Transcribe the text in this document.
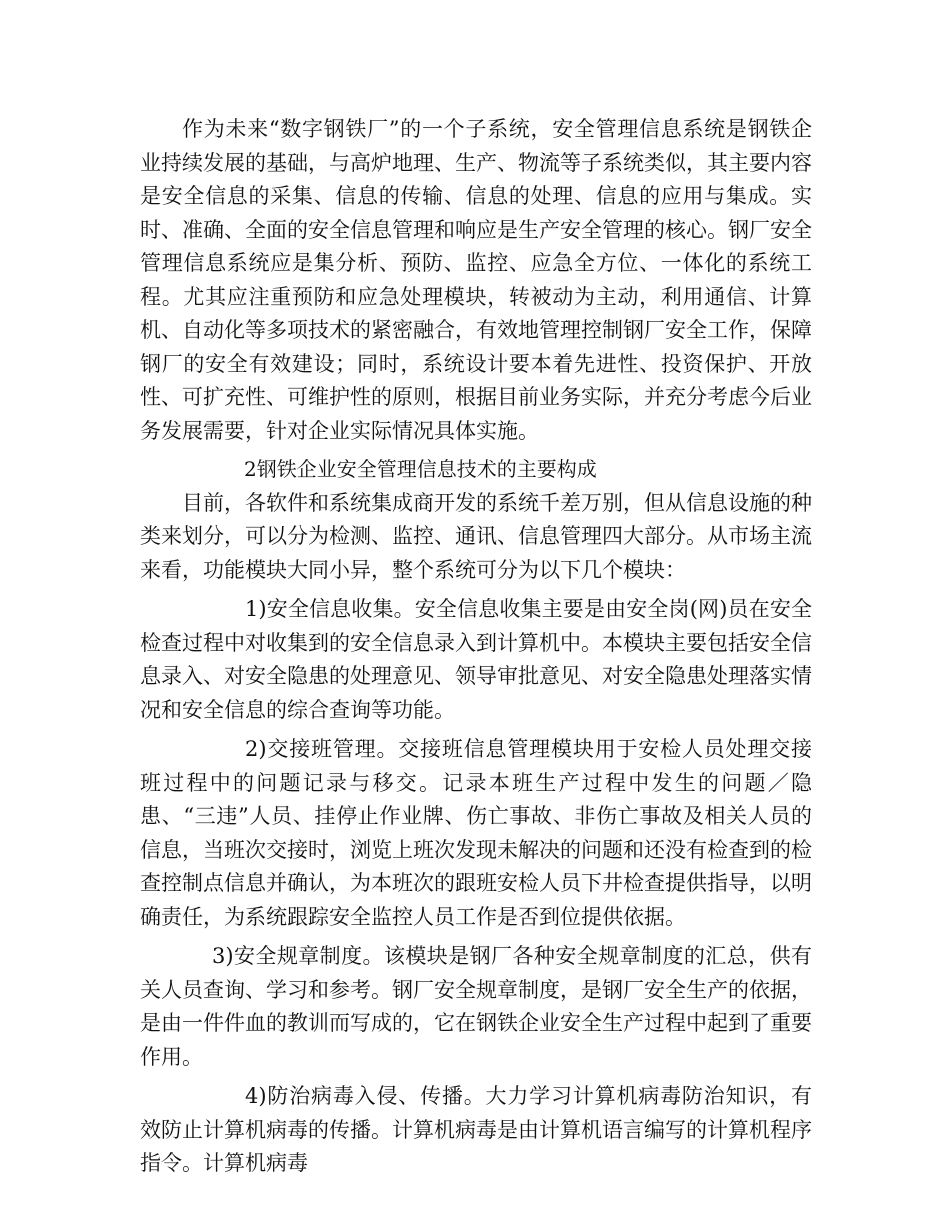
作为未来“数字钢铁厂”的一个子系统，安全管理信息系统是钢铁企业持续发展的基础，与高炉地理、生产、物流等子系统类似，其主要内容是安全信息的采集、信息的传输、信息的处理、信息的应用与集成。实时、准确、全面的安全信息管理和响应是生产安全管理的核心。钢厂安全管理信息系统应是集分析、预防、监控、应急全方位、一体化的系统工程。尤其应注重预防和应急处理模块，转被动为主动，利用通信、计算机、自动化等多项技术的紧密融合，有效地管理控制钢厂安全工作，保障钢厂的安全有效建设；同时，系统设计要本着先进性、投资保护、开放性、可扩充性、可维护性的原则，根据目前业务实际，并充分考虑今后业务发展需要，针对企业实际情况具体实施。

2钢铁企业安全管理信息技术的主要构成

目前，各软件和系统集成商开发的系统千差万别，但从信息设施的种类来划分，可以分为检测、监控、通讯、信息管理四大部分。从市场主流来看，功能模块大同小异，整个系统可分为以下几个模块：

1)安全信息收集。安全信息收集主要是由安全岗(网)员在安全检查过程中对收集到的安全信息录入到计算机中。本模块主要包括安全信息录入、对安全隐患的处理意见、领导审批意见、对安全隐患处理落实情况和安全信息的综合查询等功能。

2)交接班管理。交接班信息管理模块用于安检人员处理交接班过程中的问题记录与移交。记录本班生产过程中发生的问题／隐患、“三违”人员、挂停止作业牌、伤亡事故、非伤亡事故及相关人员的信息，当班次交接时，浏览上班次发现未解决的问题和还没有检查到的检查控制点信息并确认，为本班次的跟班安检人员下井检查提供指导，以明确责任，为系统跟踪安全监控人员工作是否到位提供依据。

3)安全规章制度。该模块是钢厂各种安全规章制度的汇总，供有关人员查询、学习和参考。钢厂安全规章制度，是钢厂安全生产的依据，是由一件件血的教训而写成的，它在钢铁企业安全生产过程中起到了重要作用。

4)防治病毒入侵、传播。大力学习计算机病毒防治知识，有效防止计算机病毒的传播。计算机病毒是由计算机语言编写的计算机程序指令。计算机病毒
